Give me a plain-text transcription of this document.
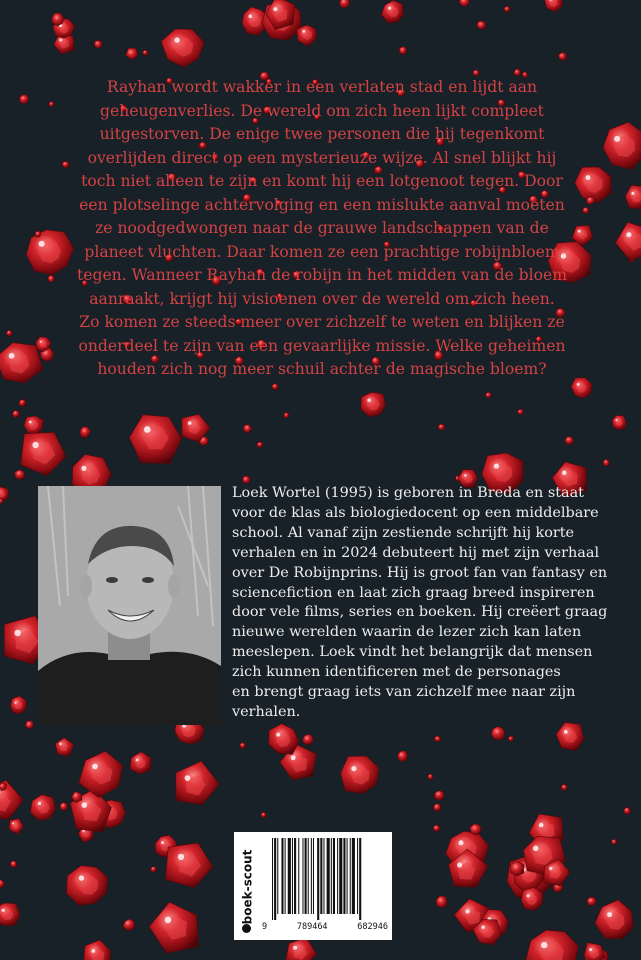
Rayhan wordt wakker in een verlaten stad en lijdt aan
geheugenverlies. De wereld om zich heen lijkt compleet
uitgestorven. De enige twee personen die hij tegenkomt
overlijden direct op een mysterieuze wijze. Al snel blijkt hij
toch niet alleen te zijn en komt hij een lotgenoot tegen. Door
een plotselinge achtervolging en een mislukte aanval moeten
ze noodgedwongen naar de grauwe landschappen van de
planeet vluchten. Daar komen ze een prachtige robijnbloem
tegen. Wanneer Rayhan de robijn in het midden van de bloem
aanraakt, krijgt hij visioenen over de wereld om zich heen.
Zo komen ze steeds meer over zichzelf te weten en blijken ze
onderdeel te zijn van een gevaarlijke missie. Welke geheimen
houden zich nog meer schuil achter de magische bloem?
Loek Wortel (1995) is geboren in Breda en staat
voor de klas als biologiedocent op een middelbare
school. Al vanaf zijn zestiende schrijft hij korte
verhalen en in 2024 debuteert hij met zijn verhaal
over De Robijnprins. Hij is groot fan van fantasy en
sciencefiction en laat zich graag breed inspireren
door vele films, series en boeken. Hij creëert graag
nieuwe werelden waarin de lezer zich kan laten
meeslepen. Loek vindt het belangrijk dat mensen
zich kunnen identificeren met de personages
en brengt graag iets van zichzelf mee naar zijn
verhalen.
boek-scout
9	789464	682946
